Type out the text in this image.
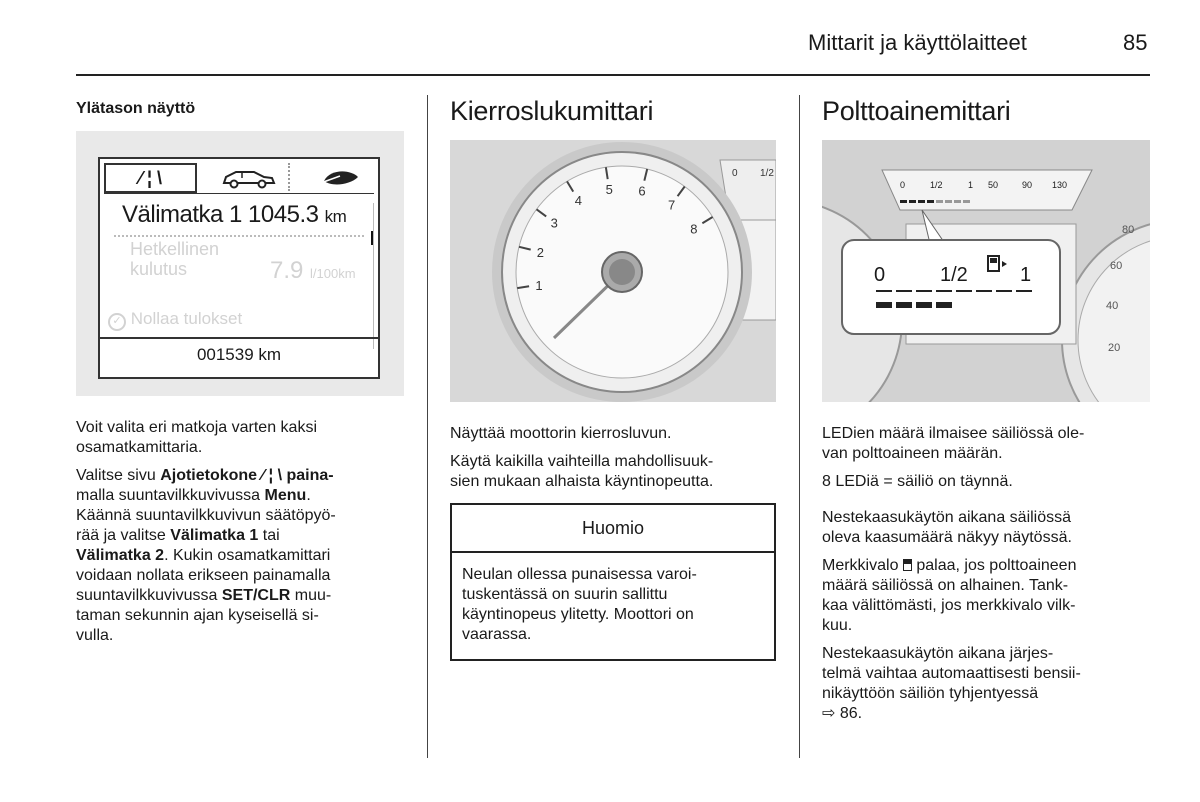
Mittarit ja käyttölaitteet	85
Ylätason näyttö
⁄ ¦ \
Välimatka 1 1045.3 km
Hetkellinen
kulutus	7.9 l/100km
✓ Nollaa tulokset
001539 km

Voit valita eri matkoja varten kaksi osamatkamittaria.

Valitse sivu Ajotietokone ⁄ ¦ \ paina-
malla suuntavilkkuvivussa Menu.
Käännä suuntavilkkuvivun säätöpyö-
rää ja valitse Välimatka 1 tai
Välimatka 2. Kukin osamatkamittari
voidaan nollata erikseen painamalla
suuntavilkkuvivussa SET/CLR muu-
taman sekunnin ajan kyseisellä si-
vulla.

Kierroslukumittari
1
2
3
4
5 6
7
8
0 1/2

Näyttää moottorin kierrosluvun.

Käytä kaikilla vaihteilla mahdollisuuk-
sien mukaan alhaista käyntinopeutta.

Huomio
Neulan ollessa punaisessa varoi-
tuskentässä on suurin sallittu
käyntinopeus ylitetty. Moottori on
vaarassa.
Polttoainemittari
0	1/2	1 50	90 130
0	1/2	1
20
40
60
80

LEDien määrä ilmaisee säiliössä ole-
van polttoaineen määrän.

8 LEDiä = säiliö on täynnä.

Nestekaasukäytön aikana säiliössä
oleva kaasumäärä näkyy näytössä.

Merkkivalo  palaa, jos polttoaineen
määrä säiliössä on alhainen. Tank-
kaa välittömästi, jos merkkivalo vilk-
kuu.

Nestekaasukäytön aikana järjes-
telmä vaihtaa automaattisesti bensii-
nikäyttöön säiliön tyhjentyessä
⇨ 86.
